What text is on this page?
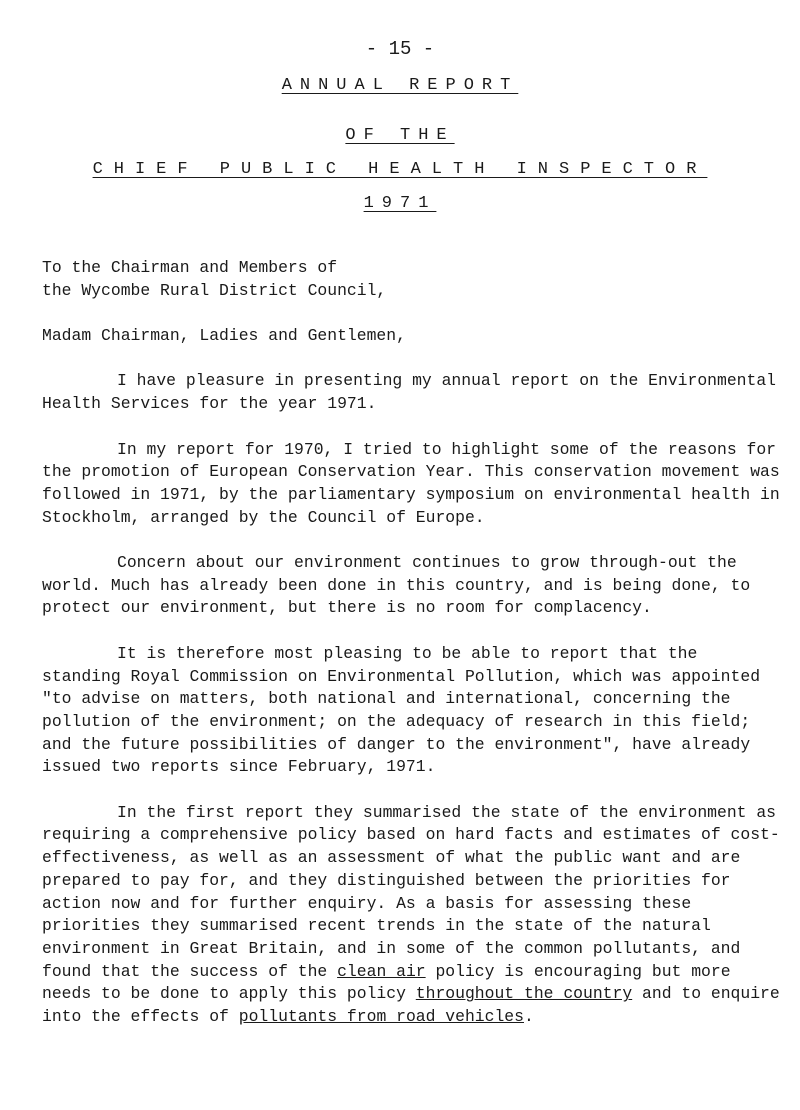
- 15 -
ANNUAL REPORT
OF THE
CHIEF PUBLIC HEALTH INSPECTOR
1971

To the Chairman and Members of
the Wycombe Rural District Council,

Madam Chairman, Ladies and Gentlemen,

I have pleasure in presenting my annual report on the Environmental Health Services for the year 1971.

In my report for 1970, I tried to highlight some of the reasons for the promotion of European Conservation Year. This conservation movement was followed in 1971, by the parliamentary symposium on environmental health in Stockholm, arranged by the Council of Europe.

Concern about our environment continues to grow through-out the world. Much has already been done in this country, and is being done, to protect our environment, but there is no room for complacency.

It is therefore most pleasing to be able to report that the standing Royal Commission on Environmental Pollution, which was appointed "to advise on matters, both national and international, concerning the pollution of the environment; on the adequacy of research in this field; and the future possibilities of danger to the environment", have already issued two reports since February, 1971.

In the first report they summarised the state of the environment as requiring a comprehensive policy based on hard facts and estimates of cost-effectiveness, as well as an assessment of what the public want and are prepared to pay for, and they distinguished between the priorities for action now and for further enquiry. As a basis for assessing these priorities they summarised recent trends in the state of the natural environment in Great Britain, and in some of the common pollutants, and found that the success of the clean air policy is encouraging but more needs to be done to apply this policy throughout the country and to enquire into the effects of pollutants from road vehicles.
